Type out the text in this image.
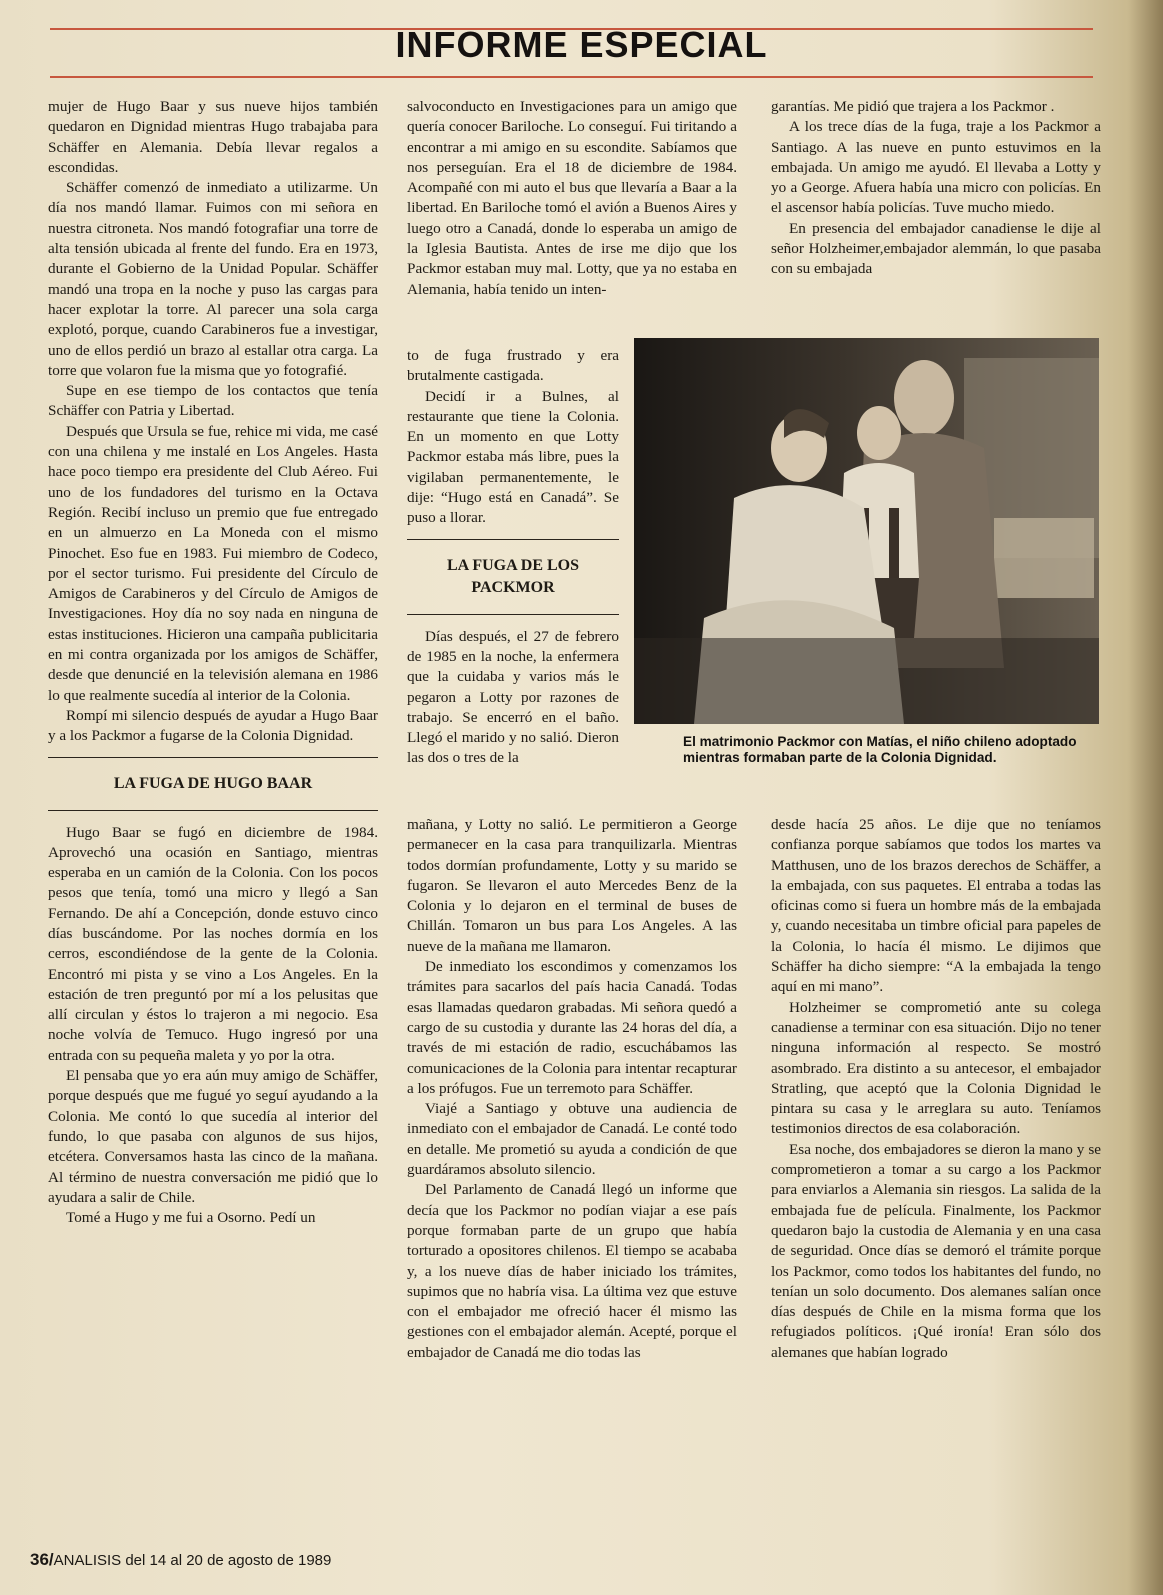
INFORME ESPECIAL

mujer de Hugo Baar y sus nueve hijos también quedaron en Dignidad mientras Hugo trabajaba para Schäffer en Alemania. Debía llevar regalos a escondidas.

Schäffer comenzó de inmediato a utilizarme. Un día nos mandó llamar. Fuimos con mi señora en nuestra citroneta. Nos mandó fotografiar una torre de alta tensión ubicada al frente del fundo. Era en 1973, durante el Gobierno de la Unidad Popular. Schäffer mandó una tropa en la noche y puso las cargas para hacer explotar la torre. Al parecer una sola carga explotó, porque, cuando Carabineros fue a investigar, uno de ellos perdió un brazo al estallar otra carga. La torre que volaron fue la misma que yo fotografié.

Supe en ese tiempo de los contactos que tenía Schäffer con Patria y Libertad.

Después que Ursula se fue, rehice mi vida, me casé con una chilena y me instalé en Los Angeles. Hasta hace poco tiempo era presidente del Club Aéreo. Fui uno de los fundadores del turismo en la Octava Región. Recibí incluso un premio que fue entregado en un almuerzo en La Moneda con el mismo Pinochet. Eso fue en 1983. Fui miembro de Codeco, por el sector turismo. Fui presidente del Círculo de Amigos de Carabineros y del Círculo de Amigos de Investigaciones. Hoy día no soy nada en ninguna de estas instituciones. Hicieron una campaña publicitaria en mi contra organizada por los amigos de Schäffer, desde que denuncié en la televisión alemana en 1986 lo que realmente sucedía al interior de la Colonia.

Rompí mi silencio después de ayudar a Hugo Baar y a los Packmor a fugarse de la Colonia Dignidad.

LA FUGA DE HUGO BAAR

Hugo Baar se fugó en diciembre de 1984. Aprovechó una ocasión en Santiago, mientras esperaba en un camión de la Colonia. Con los pocos pesos que tenía, tomó una micro y llegó a San Fernando. De ahí a Concepción, donde estuvo cinco días buscándome. Por las noches dormía en los cerros, escondiéndose de la gente de la Colonia. Encontró mi pista y se vino a Los Angeles. En la estación de tren preguntó por mí a los pelusitas que allí circulan y éstos lo trajeron a mi negocio. Esa noche volvía de Temuco. Hugo ingresó por una entrada con su pequeña maleta y yo por la otra.

El pensaba que yo era aún muy amigo de Schäffer, porque después que me fugué yo seguí ayudando a la Colonia. Me contó lo que sucedía al interior del fundo, lo que pasaba con algunos de sus hijos, etcétera. Conversamos hasta las cinco de la mañana. Al término de nuestra conversación me pidió que lo ayudara a salir de Chile.

Tomé a Hugo y me fui a Osorno. Pedí un

salvoconducto en Investigaciones para un amigo que quería conocer Bariloche. Lo conseguí. Fui tiritando a encontrar a mi amigo en su escondite. Sabíamos que nos perseguían. Era el 18 de diciembre de 1984. Acompañé con mi auto el bus que llevaría a Baar a la libertad. En Bariloche tomó el avión a Buenos Aires y luego otro a Canadá, donde lo esperaba un amigo de la Iglesia Bautista. Antes de irse me dijo que los Packmor estaban muy mal. Lotty, que ya no estaba en Alemania, había tenido un inten-

to de fuga frustrado y era brutalmente castigada.

Decidí ir a Bulnes, al restaurante que tiene la Colonia. En un momento en que Lotty Packmor estaba más libre, pues la vigilaban permanentemente, le dije: “Hugo está en Canadá”. Se puso a llorar.

LA FUGA DE LOS PACKMOR

Días después, el 27 de febrero de 1985 en la noche, la enfermera que la cuidaba y varios más le pegaron a Lotty por razones de trabajo. Se encerró en el baño. Llegó el marido y no salió. Dieron las dos o tres de la

mañana, y Lotty no salió. Le permitieron a George permanecer en la casa para tranquilizarla. Mientras todos dormían profundamente, Lotty y su marido se fugaron. Se llevaron el auto Mercedes Benz de la Colonia y lo dejaron en el terminal de buses de Chillán. Tomaron un bus para Los Angeles. A las nueve de la mañana me llamaron.

De inmediato los escondimos y comenzamos los trámites para sacarlos del país hacia Canadá. Todas esas llamadas quedaron grabadas. Mi señora quedó a cargo de su custodia y durante las 24 horas del día, a través de mi estación de radio, escuchábamos las comunicaciones de la Colonia para intentar recapturar a los prófugos. Fue un terremoto para Schäffer.

Viajé a Santiago y obtuve una audiencia de inmediato con el embajador de Canadá. Le conté todo en detalle. Me prometió su ayuda a condición de que guardáramos absoluto silencio.

Del Parlamento de Canadá llegó un informe que decía que los Packmor no podían viajar a ese país porque formaban parte de un grupo que había torturado a opositores chilenos. El tiempo se acababa y, a los nueve días de haber iniciado los trámites, supimos que no habría visa. La última vez que estuve con el embajador me ofreció hacer él mismo las gestiones con el embajador alemán. Acepté, porque el embajador de Canadá me dio todas las

garantías. Me pidió que trajera a los Packmor .

A los trece días de la fuga, traje a los Packmor a Santiago. A las nueve en punto estuvimos en la embajada. Un amigo me ayudó. El llevaba a Lotty y yo a George. Afuera había una micro con policías. En el ascensor había policías. Tuve mucho miedo.

En presencia del embajador canadiense le dije al señor Holzheimer,embajador alemmán, lo que pasaba con su embajada

El matrimonio Packmor con Matías, el niño chileno adoptado mientras formaban parte de la Colonia Dignidad.

desde hacía 25 años. Le dije que no teníamos confianza porque sabíamos que todos los martes va Matthusen, uno de los brazos derechos de Schäffer, a la embajada, con sus paquetes. El entraba a todas las oficinas como si fuera un hombre más de la embajada y, cuando necesitaba un timbre oficial para papeles de la Colonia, lo hacía él mismo. Le dijimos que Schäffer ha dicho siempre: “A la embajada la tengo aquí en mi mano”.

Holzheimer se comprometió ante su colega canadiense a terminar con esa situación. Dijo no tener ninguna información al respecto. Se mostró asombrado. Era distinto a su antecesor, el embajador Stratling, que aceptó que la Colonia Dignidad le pintara su casa y le arreglara su auto. Teníamos testimonios directos de esa colaboración.

Esa noche, dos embajadores se dieron la mano y se comprometieron a tomar a su cargo a los Packmor para enviarlos a Alemania sin riesgos. La salida de la embajada fue de película. Finalmente, los Packmor quedaron bajo la custodia de Alemania y en una casa de seguridad. Once días se demoró el trámite porque los Packmor, como todos los habitantes del fundo, no tenían un solo documento. Dos alemanes salían once días después de Chile en la misma forma que los refugiados políticos. ¡Qué ironía! Eran sólo dos alemanes que habían logrado

36/ANALISIS del 14 al 20 de agosto de 1989
